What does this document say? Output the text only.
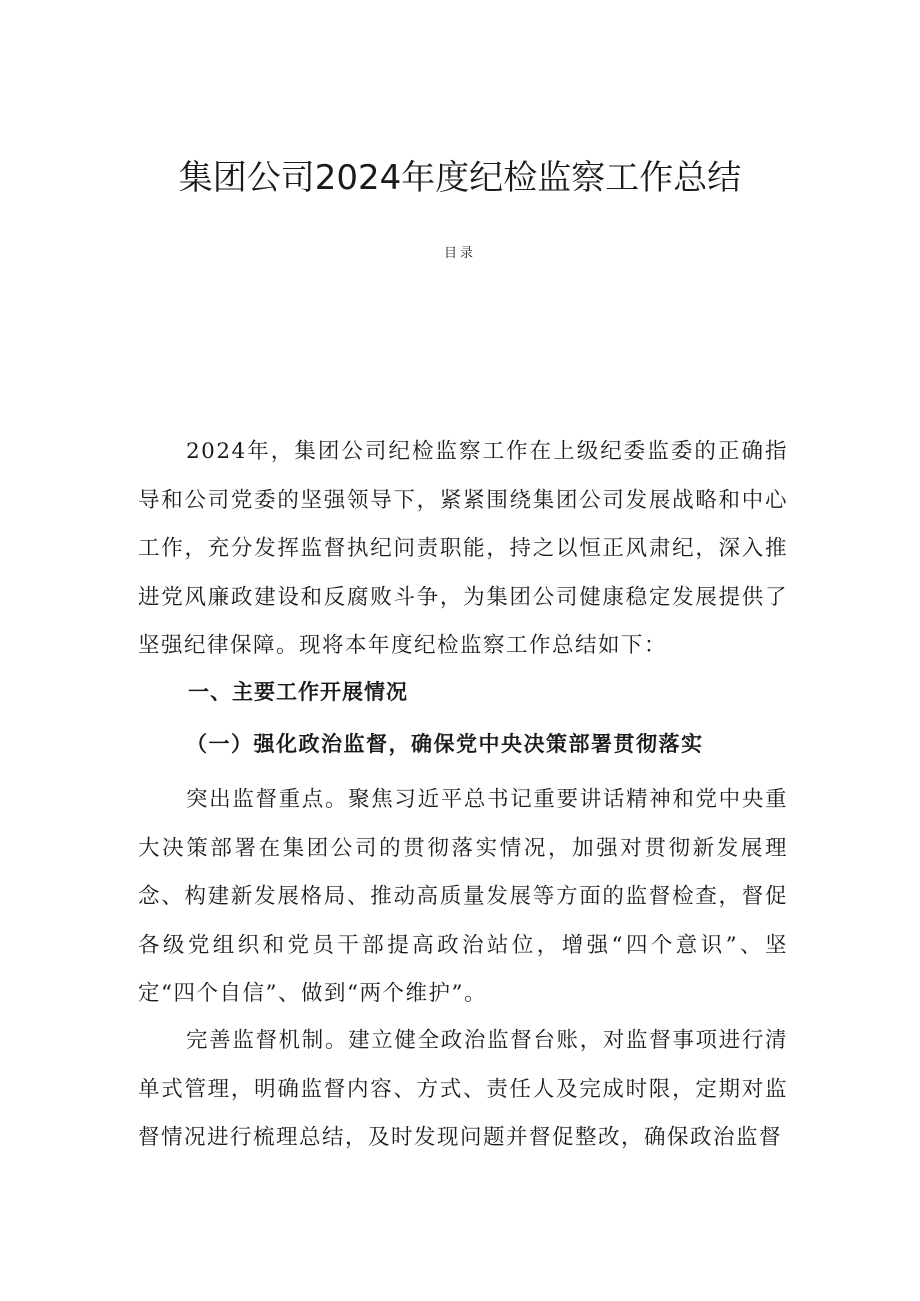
集团公司2024年度纪检监察工作总结
目录

2024年，集团公司纪检监察工作在上级纪委监委的正确指导和公司党委的坚强领导下，紧紧围绕集团公司发展战略和中心工作，充分发挥监督执纪问责职能，持之以恒正风肃纪，深入推进党风廉政建设和反腐败斗争，为集团公司健康稳定发展提供了坚强纪律保障。现将本年度纪检监察工作总结如下：

一、主要工作开展情况
（一）强化政治监督，确保党中央决策部署贯彻落实

突出监督重点。聚焦习近平总书记重要讲话精神和党中央重大决策部署在集团公司的贯彻落实情况，加强对贯彻新发展理念、构建新发展格局、推动高质量发展等方面的监督检查，督促各级党组织和党员干部提高政治站位，增强“四个意识”、坚定“四个自信”、做到“两个维护”。

完善监督机制。建立健全政治监督台账，对监督事项进行清单式管理，明确监督内容、方式、责任人及完成时限，定期对监督情况进行梳理总结，及时发现问题并督促整改，确保政治监督
